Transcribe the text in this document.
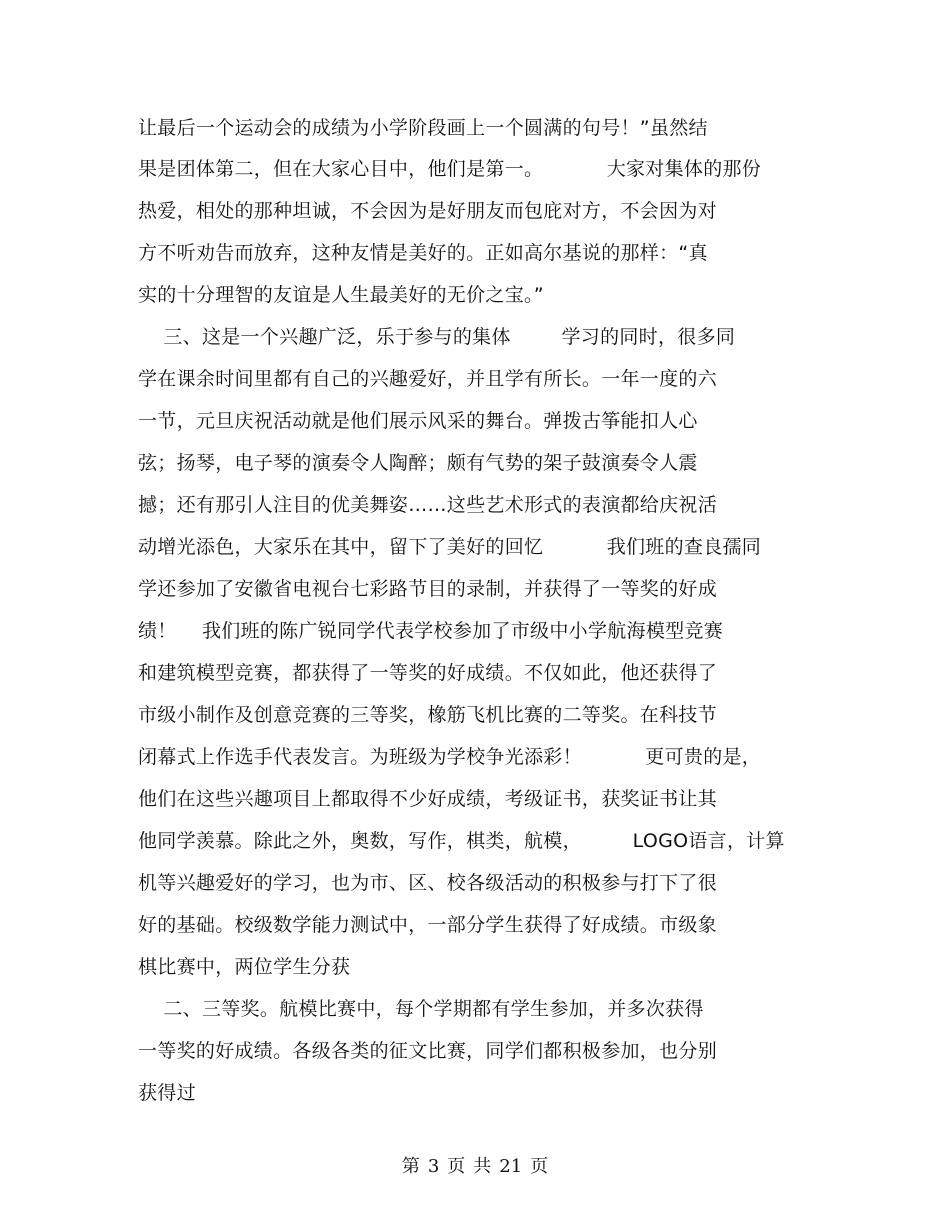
让最后一个运动会的成绩为小学阶段画上一个圆满的句号！”虽然结
果是团体第二，但在大家心目中，他们是第一。          大家对集体的那份
热爱，相处的那种坦诚，不会因为是好朋友而包庇对方，不会因为对
方不听劝告而放弃，这种友情是美好的。正如高尔基说的那样：“真
实的十分理智的友谊是人生最美好的无价之宝。”
三、这是一个兴趣广泛，乐于参与的集体        学习的同时，很多同
学在课余时间里都有自己的兴趣爱好，并且学有所长。一年一度的六
一节，元旦庆祝活动就是他们展示风采的舞台。弹拨古筝能扣人心
弦；扬琴，电子琴的演奏令人陶醉；颇有气势的架子鼓演奏令人震
撼；还有那引人注目的优美舞姿……这些艺术形式的表演都给庆祝活
动增光添色，大家乐在其中，留下了美好的回忆          我们班的查良孺同
学还参加了安徽省电视台七彩路节目的录制，并获得了一等奖的好成
绩！    我们班的陈广锐同学代表学校参加了市级中小学航海模型竞赛
和建筑模型竞赛，都获得了一等奖的好成绩。不仅如此，他还获得了
市级小制作及创意竞赛的三等奖，橡筋飞机比赛的二等奖。在科技节
闭幕式上作选手代表发言。为班级为学校争光添彩！          更可贵的是，
他们在这些兴趣项目上都取得不少好成绩，考级证书，获奖证书让其
他同学羡慕。除此之外，奥数，写作，棋类，航模，        LOGO语言，计算
机等兴趣爱好的学习，也为市、区、校各级活动的积极参与打下了很
好的基础。校级数学能力测试中，一部分学生获得了好成绩。市级象
棋比赛中，两位学生分获
二、三等奖。航模比赛中，每个学期都有学生参加，并多次获得
一等奖的好成绩。各级各类的征文比赛，同学们都积极参加，也分别
获得过
第 3 页 共 21 页
